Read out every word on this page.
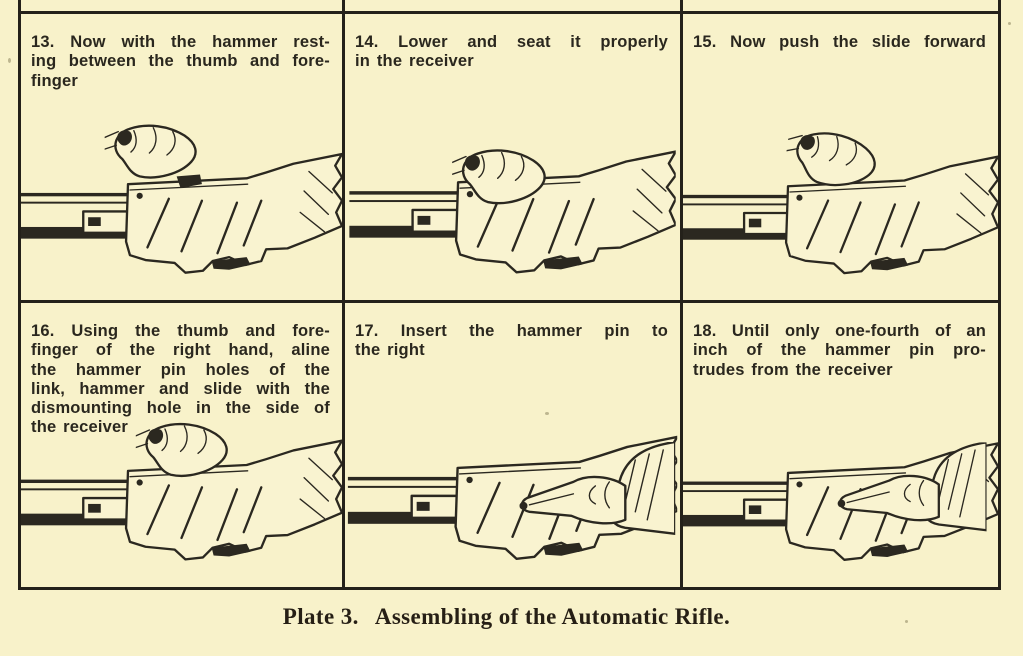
13. Now with the hammer rest-
ing between the thumb and fore-
finger
14. Lower and seat it properly
in the receiver
15. Now push the slide forward
16. Using the thumb and fore-
finger of the right hand, aline
the hammer pin holes of the
link, hammer and slide with the
dismounting hole in the side of
the receiver
17. Insert the hammer pin to
the right
18. Until only one-fourth of an
inch of the hammer pin pro-
trudes from the receiver
Plate 3. Assembling of the Automatic Rifle.
